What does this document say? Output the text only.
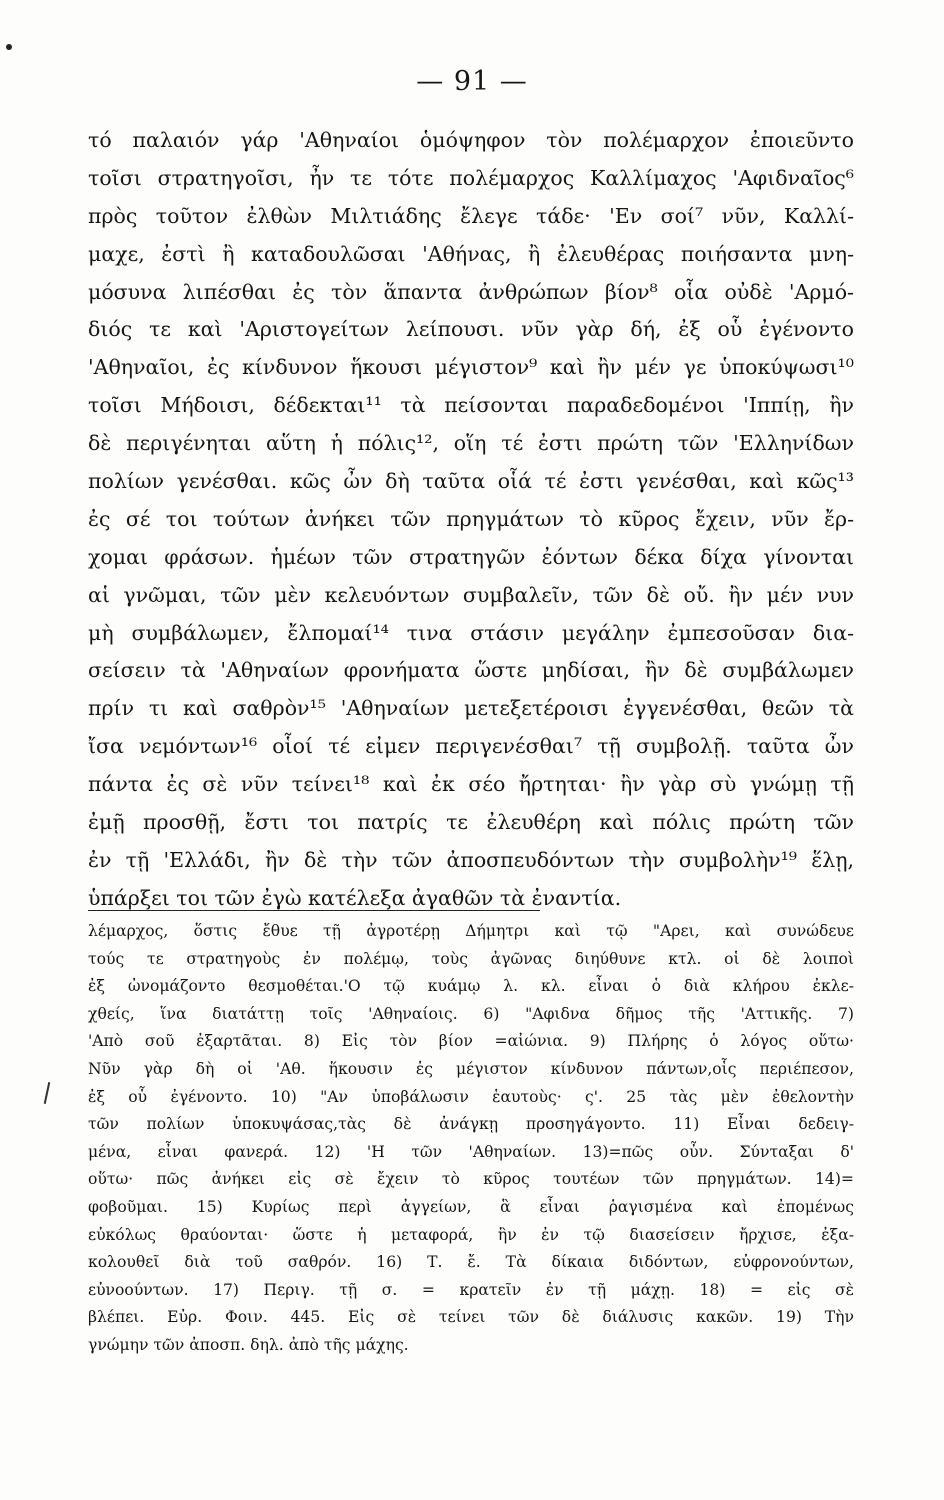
— 91 —
τό παλαιόν γάρ 'Αθηναίοι ὁμόψηφον τὸν πολέμαρχον ἐποιεῦντο
τοῖσι στρατηγοῖσι, ἦν τε τότε πολέμαρχος Καλλίμαχος 'Αφιδναῖος⁶
πρὸς τοῦτον ἐλθὼν Μιλτιάδης ἔλεγε τάδε· 'Εν σοί⁷ νῦν, Καλλί-
μαχε, ἐστὶ ἢ καταδουλῶσαι 'Αθήνας, ἢ ἐλευθέρας ποιήσαντα μνη-
μόσυνα λιπέσθαι ἐς τὸν ἅπαντα ἀνθρώπων βίον⁸ οἷα οὐδὲ 'Αρμό-
διός τε καὶ 'Αριστογείτων λείπουσι. νῦν γὰρ δή, ἐξ οὗ ἐγένοντο
'Αθηναῖοι, ἐς κίνδυνον ἥκουσι μέγιστον⁹ καὶ ἢν μέν γε ὑποκύψωσι¹⁰
τοῖσι Μήδοισι, δέδεκται¹¹ τὰ πείσονται παραδεδομένοι 'Ιππίῃ, ἢν
δὲ περιγένηται αὕτη ἡ πόλις¹², οἵη τέ ἐστι πρώτη τῶν 'Ελληνίδων
πολίων γενέσθαι. κῶς ὦν δὴ ταῦτα οἷά τέ ἐστι γενέσθαι, καὶ κῶς¹³
ἐς σέ τοι τούτων ἀνήκει τῶν πρηγμάτων τὸ κῦρος ἔχειν, νῦν ἔρ-
χομαι φράσων. ἡμέων τῶν στρατηγῶν ἐόντων δέκα δίχα γίνονται
αἱ γνῶμαι, τῶν μὲν κελευόντων συμβαλεῖν, τῶν δὲ οὔ. ἢν μέν νυν
μὴ συμβάλωμεν, ἔλπομαί¹⁴ τινα στάσιν μεγάλην ἐμπεσοῦσαν δια-
σείσειν τὰ 'Αθηναίων φρονήματα ὥστε μηδίσαι, ἢν δὲ συμβάλωμεν
πρίν τι καὶ σαθρὸν¹⁵ 'Αθηναίων μετεξετέροισι ἐγγενέσθαι, θεῶν τὰ
ἴσα νεμόντων¹⁶ οἷοί τέ εἰμεν περιγενέσθαι⁷ τῇ συμβολῇ. ταῦτα ὦν
πάντα ἐς σὲ νῦν τείνει¹⁸ καὶ ἐκ σέο ἤρτηται· ἢν γὰρ σὺ γνώμῃ τῇ
ἐμῇ προσθῇ, ἔστι τοι πατρίς τε ἐλευθέρη καὶ πόλις πρώτη τῶν
ἐν τῇ 'Ελλάδι, ἢν δὲ τὴν τῶν ἀποσπευδόντων τὴν συμβολὴν¹⁹ ἕλῃ,
ὑπάρξει τοι τῶν ἐγὼ κατέλεξα ἀγαθῶν τὰ ἐναντία.
λέμαρχος, ὅστις ἔθυε τῇ ἀγροτέρῃ Δήμητρι καὶ τῷ "Αρει, καὶ συνώδευε
τούς τε στρατηγοὺς ἐν πολέμῳ, τοὺς ἀγῶνας διηύθυνε κτλ. οἱ δὲ λοιποὶ
ἐξ ὠνομάζοντο θεσμοθέται.'Ο τῷ κυάμῳ λ. κλ. εἶναι ὁ διὰ κλήρου ἐκλε-
χθείς, ἵνα διατάττῃ τοῖς 'Αθηναίοις. 6) "Αφιδνα δῆμος τῆς 'Αττικῆς. 7)
'Απὸ σοῦ ἐξαρτᾶται. 8) Εἰς τὸν βίον =αἰώνια. 9) Πλήρης ὁ λόγος οὕτω·
Νῦν γὰρ δὴ οἱ 'Αθ. ἥκουσιν ἐς μέγιστον κίνδυνον πάντων,οἷς περιέπεσον,
ἐξ οὗ ἐγένοντο. 10) "Αν ὑποβάλωσιν ἑαυτοὺς· ς'. 25 τὰς μὲν ἐθελοντὴν
τῶν πολίων ὑποκυψάσας,τὰς δὲ ἀνάγκῃ προσηγάγοντο. 11) Εἶναι δεδειγ-
μένα, εἶναι φανερά. 12) 'Η τῶν 'Αθηναίων. 13)=πῶς οὖν. Σύνταξαι δ'
οὕτω· πῶς ἀνήκει εἰς σὲ ἔχειν τὸ κῦρος τουτέων τῶν πρηγμάτων. 14)=
φοβοῦμαι. 15) Κυρίως περὶ ἀγγείων, ἃ εἶναι ῥαγισμένα καὶ ἐπομένως
εὐκόλως θραύονται· ὥστε ἡ μεταφορά, ἣν ἐν τῷ διασείσειν ἤρχισε, ἐξα-
κολουθεῖ διὰ τοῦ σαθρόν. 16) Τ. ἔ. Τὰ δίκαια διδόντων, εὐφρονούντων,
εὐνοούντων. 17) Περιγ. τῇ σ. = κρατεῖν ἐν τῇ μάχῃ. 18) = εἰς σὲ
βλέπει. Εὐρ. Φοιν. 445. Εἰς σὲ τείνει τῶν δὲ διάλυσις κακῶν. 19) Τὴν
γνώμην τῶν ἀποσπ. δηλ. ἀπὸ τῆς μάχης.
